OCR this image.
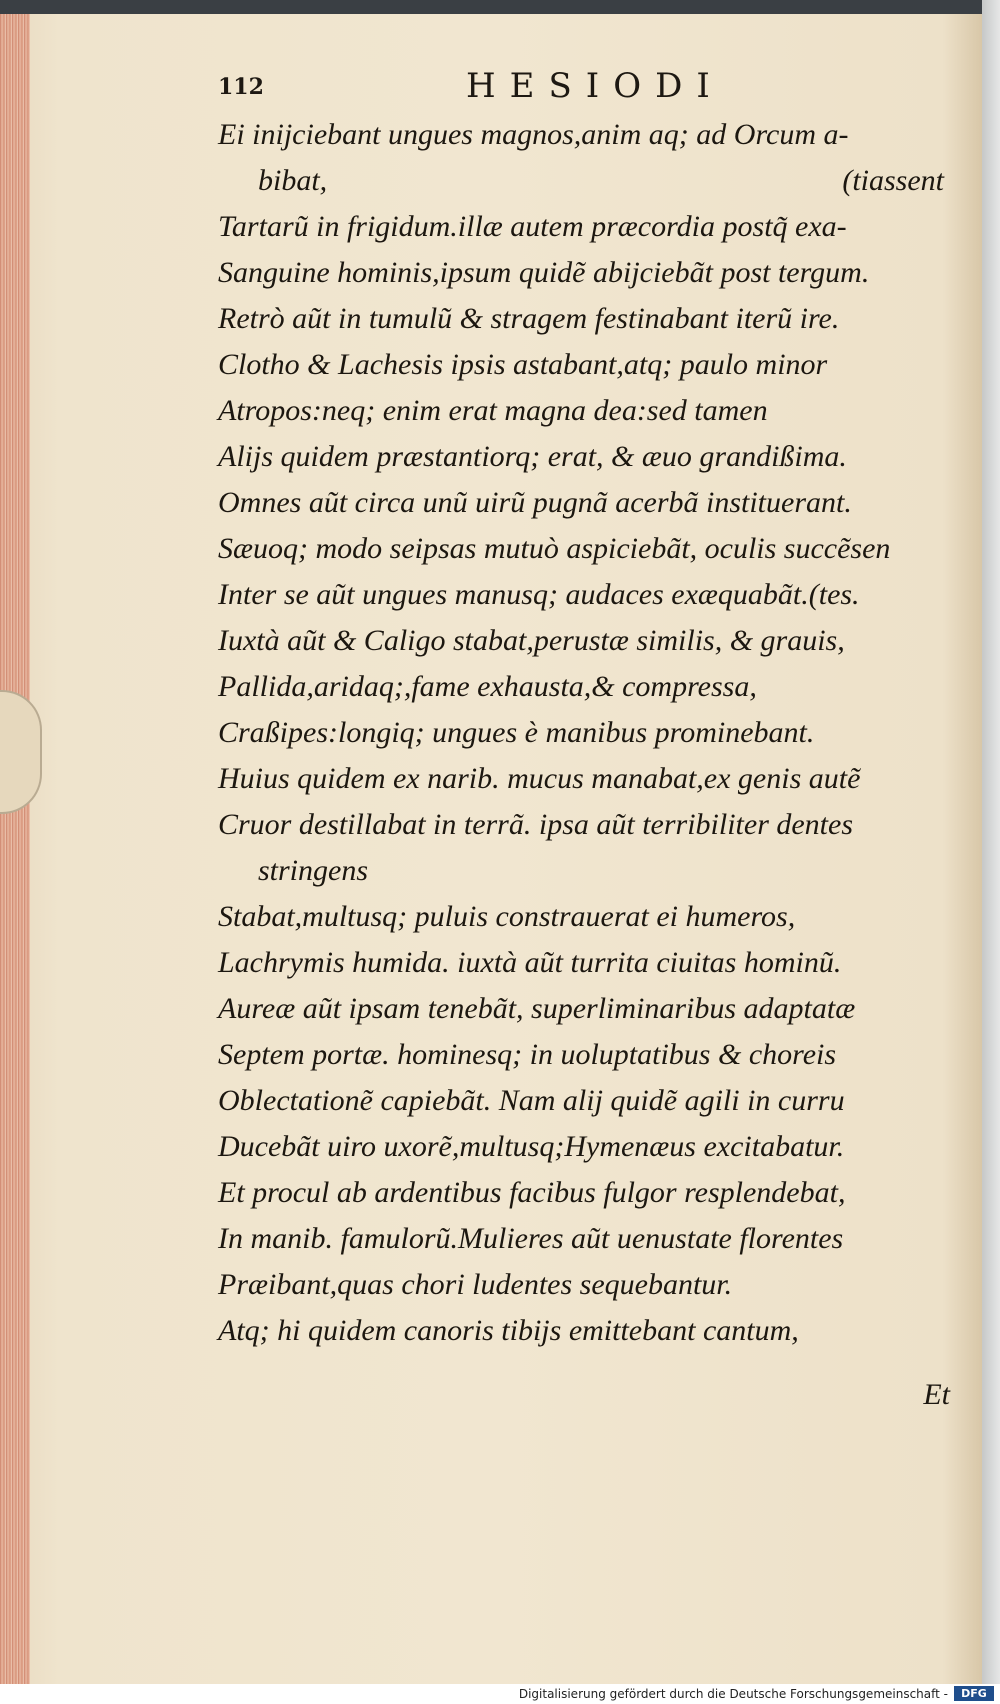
112	HESIODI
Ei inijciebant ungues magnos,anim aq; ad Orcum a-
bibat,	(tiassent
Tartarũ in frigidum.illæ autem præcordia postq̃ exa-
Sanguine hominis,ipsum quidẽ abijciebãt post tergum.
Retrò aũt in tumulũ & stragem festinabant iterũ ire.
Clotho & Lachesis ipsis astabant,atq; paulo minor
Atropos:neq; enim erat magna dea:sed tamen
Alijs quidem præstantiorq; erat, & æuo grandißima.
Omnes aũt circa unũ uirũ pugnã acerbã instituerant.
Sæuoq; modo seipsas mutuò aspiciebãt, oculis succẽsen
Inter se aũt ungues manusq; audaces exæquabãt.(tes.
Iuxtà aũt & Caligo stabat,perustæ similis, & grauis,
Pallida,aridaq;,fame exhausta,& compressa,
Craßipes:longiq; ungues è manibus prominebant.
Huius quidem ex narib. mucus manabat,ex genis autẽ
Cruor destillabat in terrã. ipsa aũt terribiliter dentes
stringens
Stabat,multusq; puluis constrauerat ei humeros,
Lachrymis humida. iuxtà aũt turrita ciuitas hominũ.
Aureæ aũt ipsam tenebãt, superliminaribus adaptatæ
Septem portæ. hominesq; in uoluptatibus & choreis
Oblectationẽ capiebãt. Nam alij quidẽ agili in curru
Ducebãt uiro uxorẽ,multusq;Hymenæus excitabatur.
Et procul ab ardentibus facibus fulgor resplendebat,
In manib. famulorũ.Mulieres aũt uenustate florentes
Præibant,quas chori ludentes sequebantur.
Atq; hi quidem canoris tibijs emittebant cantum,
Et
Digitalisierung gefördert durch die Deutsche Forschungsgemeinschaft -	DFG
